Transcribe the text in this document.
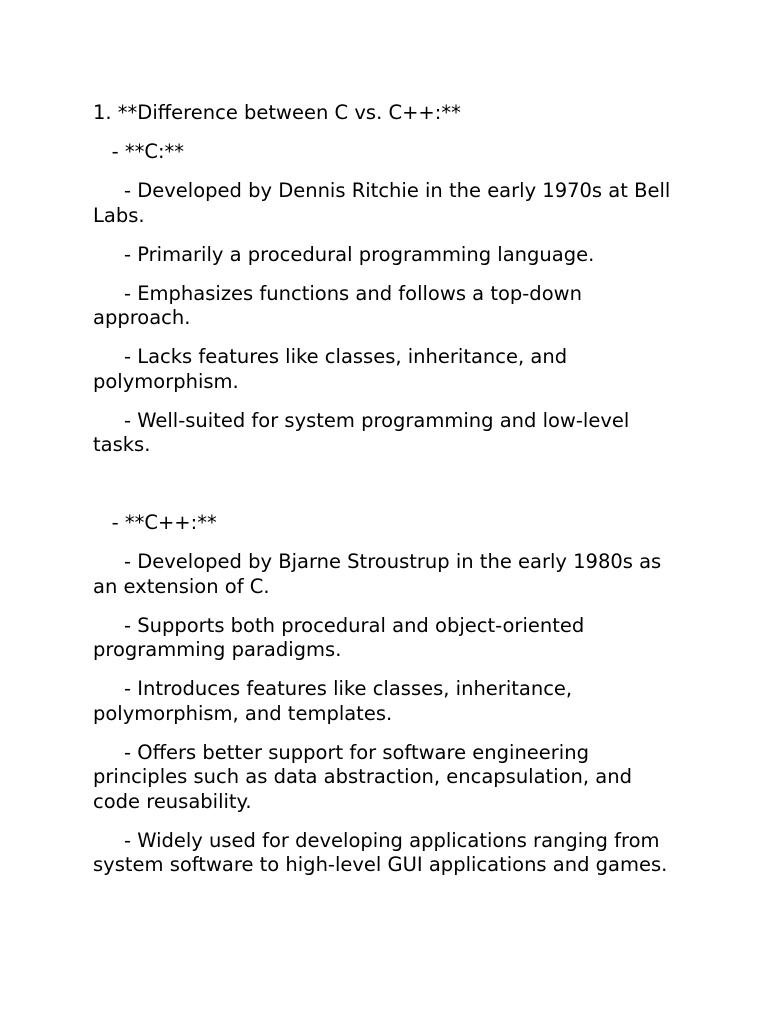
1. **Difference between C vs. C++:**

- **C:**

- Developed by Dennis Ritchie in the early 1970s at Bell Labs.

- Primarily a procedural programming language.

- Emphasizes functions and follows a top-down approach.

- Lacks features like classes, inheritance, and polymorphism.

- Well-suited for system programming and low-level tasks.

- **C++:**

- Developed by Bjarne Stroustrup in the early 1980s as an extension of C.

- Supports both procedural and object-oriented programming paradigms.

- Introduces features like classes, inheritance, polymorphism, and templates.

- Offers better support for software engineering principles such as data abstraction, encapsulation, and code reusability.

- Widely used for developing applications ranging from system software to high-level GUI applications and games.
